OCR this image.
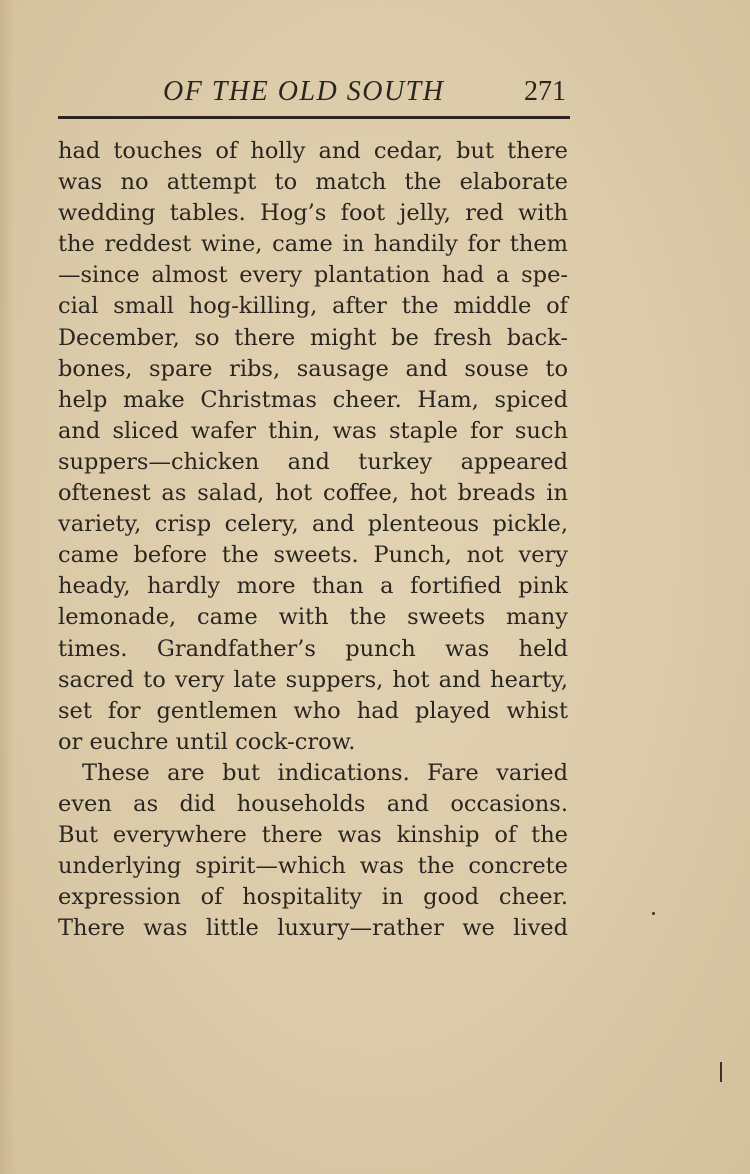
OF THE OLD SOUTH	271
had touches of holly and cedar, but there
was no attempt to match the elaborate
wedding tables. Hog’s foot jelly, red with
the reddest wine, came in handily for them
—since almost every plantation had a spe-
cial small hog-killing, after the middle of
December, so there might be fresh back-
bones, spare ribs, sausage and souse to
help make Christmas cheer. Ham, spiced
and sliced wafer thin, was staple for such
suppers—chicken and turkey appeared
oftenest as salad, hot coffee, hot breads in
variety, crisp celery, and plenteous pickle,
came before the sweets. Punch, not very
heady, hardly more than a fortified pink
lemonade, came with the sweets many
times. Grandfather’s punch was held
sacred to very late suppers, hot and hearty,
set for gentlemen who had played whist
or euchre until cock-crow.
These are but indications. Fare varied
even as did households and occasions.
But everywhere there was kinship of the
underlying spirit—which was the concrete
expression of hospitality in good cheer.
There was little luxury—rather we lived
